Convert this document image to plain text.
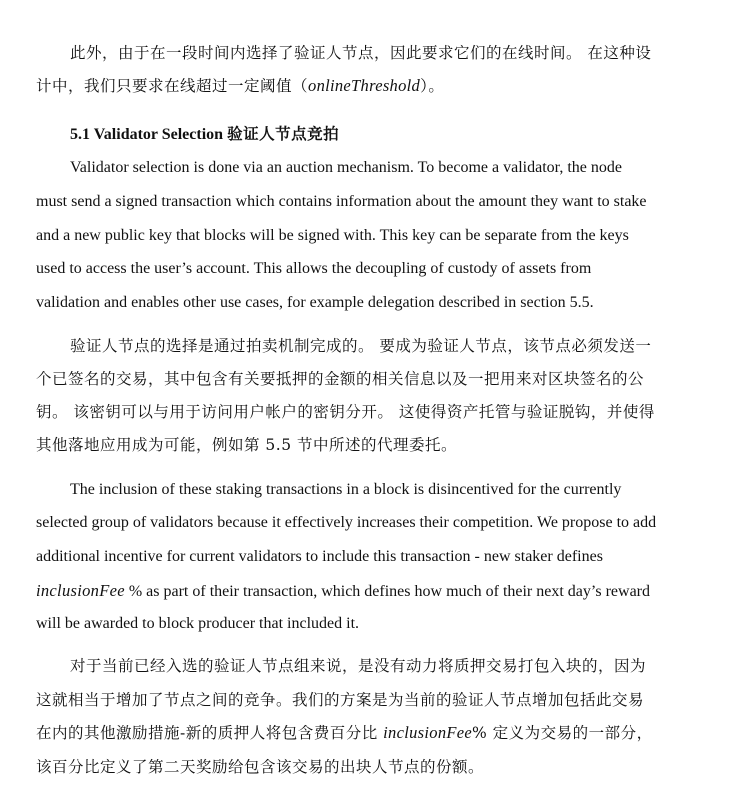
此外，由于在一段时间内选择了验证人节点，因此要求它们的在线时间。 在这种设
计中，我们只要求在线超过一定阈值（onlineThreshold）。
5.1 Validator Selection 验证人节点竞拍
Validator selection is done via an auction mechanism. To become a validator, the node
must send a signed transaction which contains information about the amount they want to stake
and a new public key that blocks will be signed with. This key can be separate from the keys
used to access the user’s account. This allows the decoupling of custody of assets from
validation and enables other use cases, for example delegation described in section 5.5.
验证人节点的选择是通过拍卖机制完成的。 要成为验证人节点，该节点必须发送一
个已签名的交易，其中包含有关要抵押的金额的相关信息以及一把用来对区块签名的公
钥。 该密钥可以与用于访问用户帐户的密钥分开。 这使得资产托管与验证脱钩，并使得
其他落地应用成为可能，例如第 5.5 节中所述的代理委托。
The inclusion of these staking transactions in a block is disincentived for the currently
selected group of validators because it effectively increases their competition. We propose to add
additional incentive for current validators to include this transaction - new staker defines
inclusionFee % as part of their transaction, which defines how much of their next day’s reward
will be awarded to block producer that included it.
对于当前已经入选的验证人节点组来说，是没有动力将质押交易打包入块的，因为
这就相当于增加了节点之间的竞争。我们的方案是为当前的验证人节点增加包括此交易
在内的其他激励措施-新的质押人将包含费百分比 inclusionFee% 定义为交易的一部分，
该百分比定义了第二天奖励给包含该交易的出块人节点的份额。
